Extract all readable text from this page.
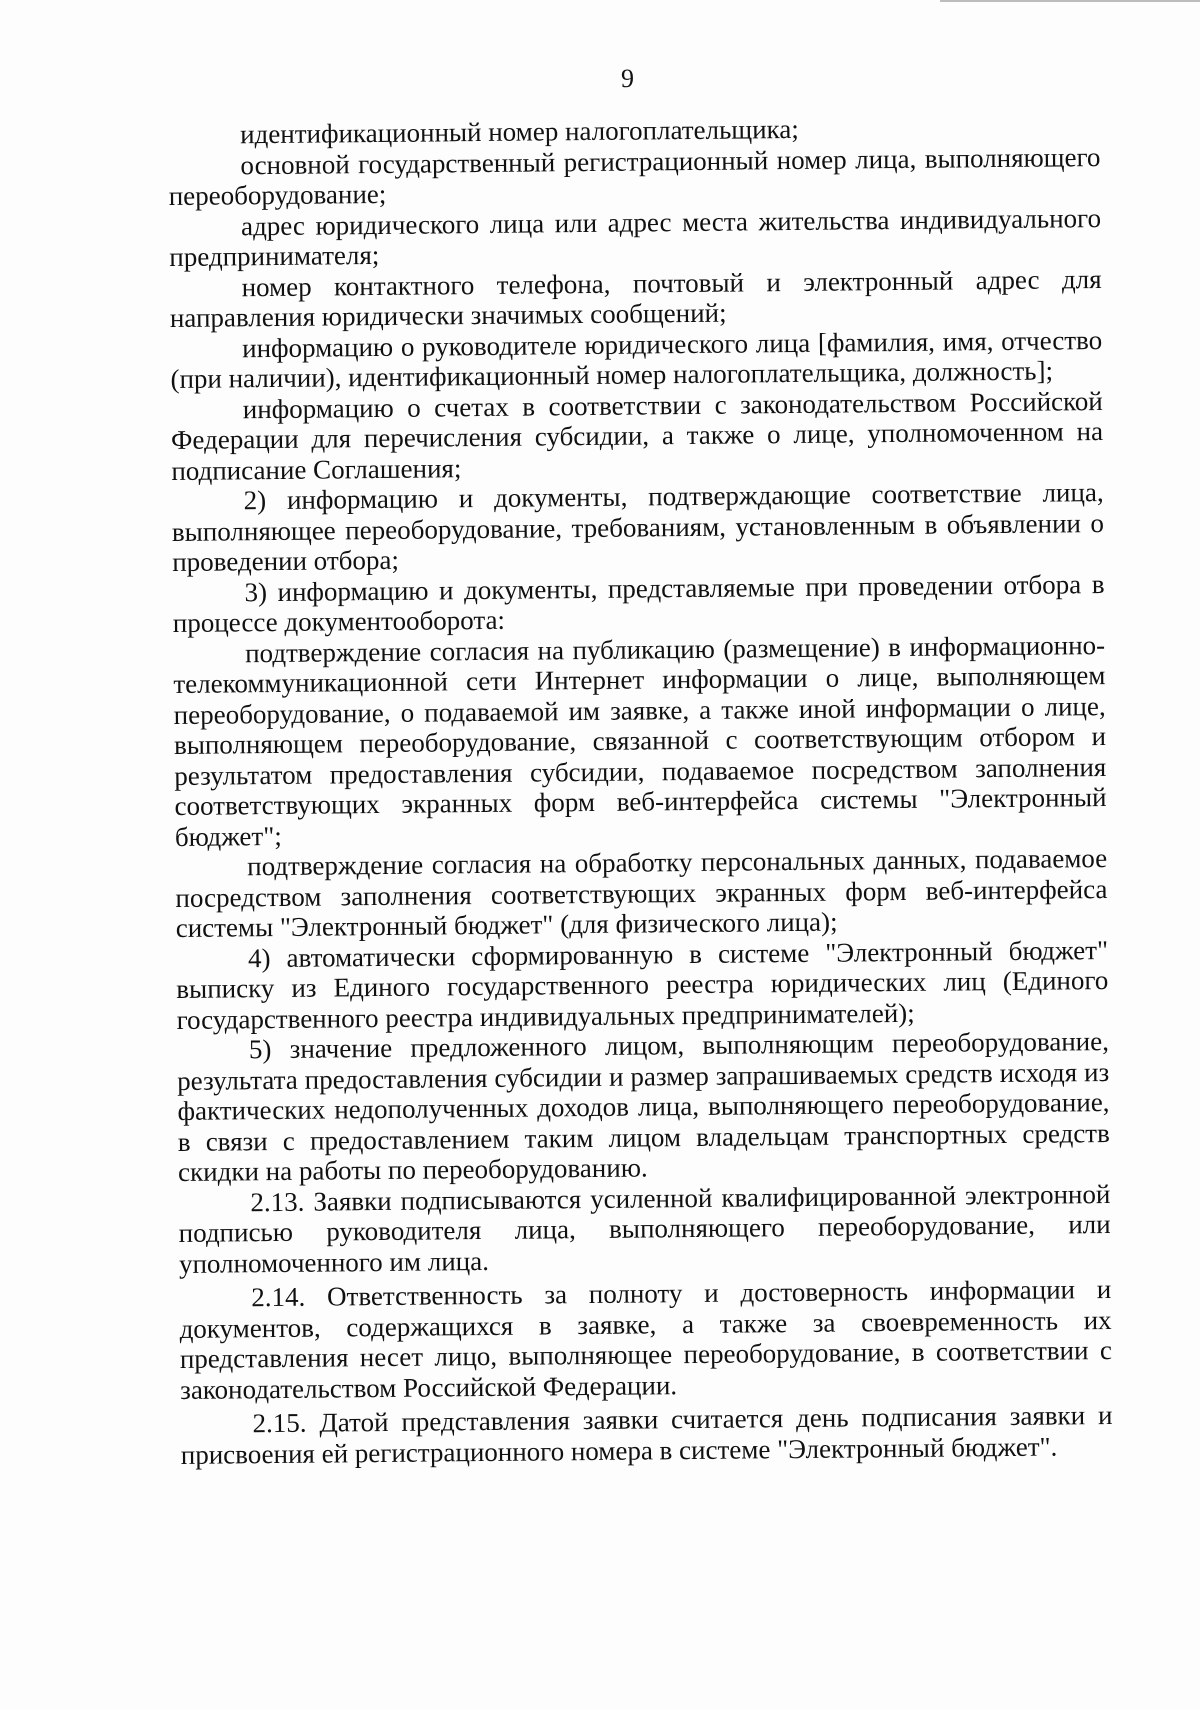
9

идентификационный номер налогоплательщика;

основной государственный регистрационный номер лица, выполняющего переоборудование;

адрес юридического лица или адрес места жительства индивидуального предпринимателя;

номер контактного телефона, почтовый и электронный адрес для направления юридически значимых сообщений;

информацию о руководителе юридического лица [фамилия, имя, отчество (при наличии), идентификационный номер налогоплательщика, должность];

информацию о счетах в соответствии с законодательством Российской Федерации для перечисления субсидии, а также о лице, уполномоченном на подписание Соглашения;

2) информацию и документы, подтверждающие соответствие лица, выполняющее переоборудование, требованиям, установленным в объявлении о проведении отбора;

3) информацию и документы, представляемые при проведении отбора в процессе документооборота:

подтверждение согласия на публикацию (размещение) в информационно-телекоммуникационной сети Интернет информации о лице, выполняющем переоборудование, о подаваемой им заявке, а также иной информации о лице, выполняющем переоборудование, связанной с соответствующим отбором и результатом предоставления субсидии, подаваемое посредством заполнения соответствующих экранных форм веб-интерфейса системы "Электронный бюджет";

подтверждение согласия на обработку персональных данных, подаваемое посредством заполнения соответствующих экранных форм веб-интерфейса системы "Электронный бюджет" (для физического лица);

4) автоматически сформированную в системе "Электронный бюджет" выписку из Единого государственного реестра юридических лиц (Единого государственного реестра индивидуальных предпринимателей);

5) значение предложенного лицом, выполняющим переоборудование, результата предоставления субсидии и размер запрашиваемых средств исходя из фактических недополученных доходов лица, выполняющего переоборудование, в связи с предоставлением таким лицом владельцам транспортных средств скидки на работы по переоборудованию.

2.13. Заявки подписываются усиленной квалифицированной электронной подписью руководителя лица, выполняющего переоборудование, или уполномоченного им лица.

2.14. Ответственность за полноту и достоверность информации и документов, содержащихся в заявке, а также за своевременность их представления несет лицо, выполняющее переоборудование, в соответствии с законодательством Российской Федерации.

2.15. Датой представления заявки считается день подписания заявки и присвоения ей регистрационного номера в системе "Электронный бюджет".
